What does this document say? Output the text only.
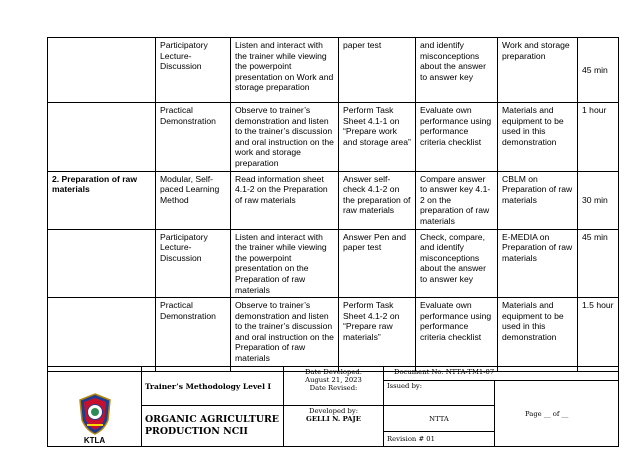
	Participatory Lecture-Discussion	Listen and interact with the trainer while viewing the powerpoint presentation on Work and storage preparation	paper test	and identify misconceptions about the answer to answer key	Work and storage preparation	45 min
	Practical Demonstration	Observe to trainer’s demonstration and listen to the trainer’s discussion and oral instruction on the work and storage preparation	Perform Task Sheet 4.1-1 on “Prepare work and storage area”	Evaluate own performance using performance criteria checklist	Materials and equipment to be used in this demonstration	1 hour
2. Preparation of raw materials	Modular, Self-paced Learning Method	Read information sheet 4.1-2 on the Preparation of raw materials	Answer self-check 4.1-2 on the preparation of raw materials	Compare answer to answer key 4.1-2 on the preparation of raw materials	CBLM on Preparation of raw materials	30 min
	Participatory Lecture-Discussion	Listen and interact with the trainer while viewing the powerpoint presentation on the Preparation of raw materials	Answer Pen and paper test	Check, compare, and identify misconceptions about the answer to answer key	E-MEDIA on Preparation of raw materials	45 min
	Practical Demonstration	Observe to trainer’s demonstration and listen to the trainer’s discussion and oral instruction on the Preparation of raw materials	Perform Task Sheet 4.1-2 on “Prepare raw materials”	Evaluate own performance using performance criteria checklist	Materials and equipment to be used in this demonstration	1.5 hour
KTLA	Trainer’s Methodology Level I	Date Developed:
August 21, 2023
Date Revised:	Document No. NTTA-TM1-07	
			Issued by:	Page __ of __
	ORGANIC AGRICULTURE PRODUCTION NCII	Developed by:
GELLI N. PAJE	NTTA	
			Revision # 01	
